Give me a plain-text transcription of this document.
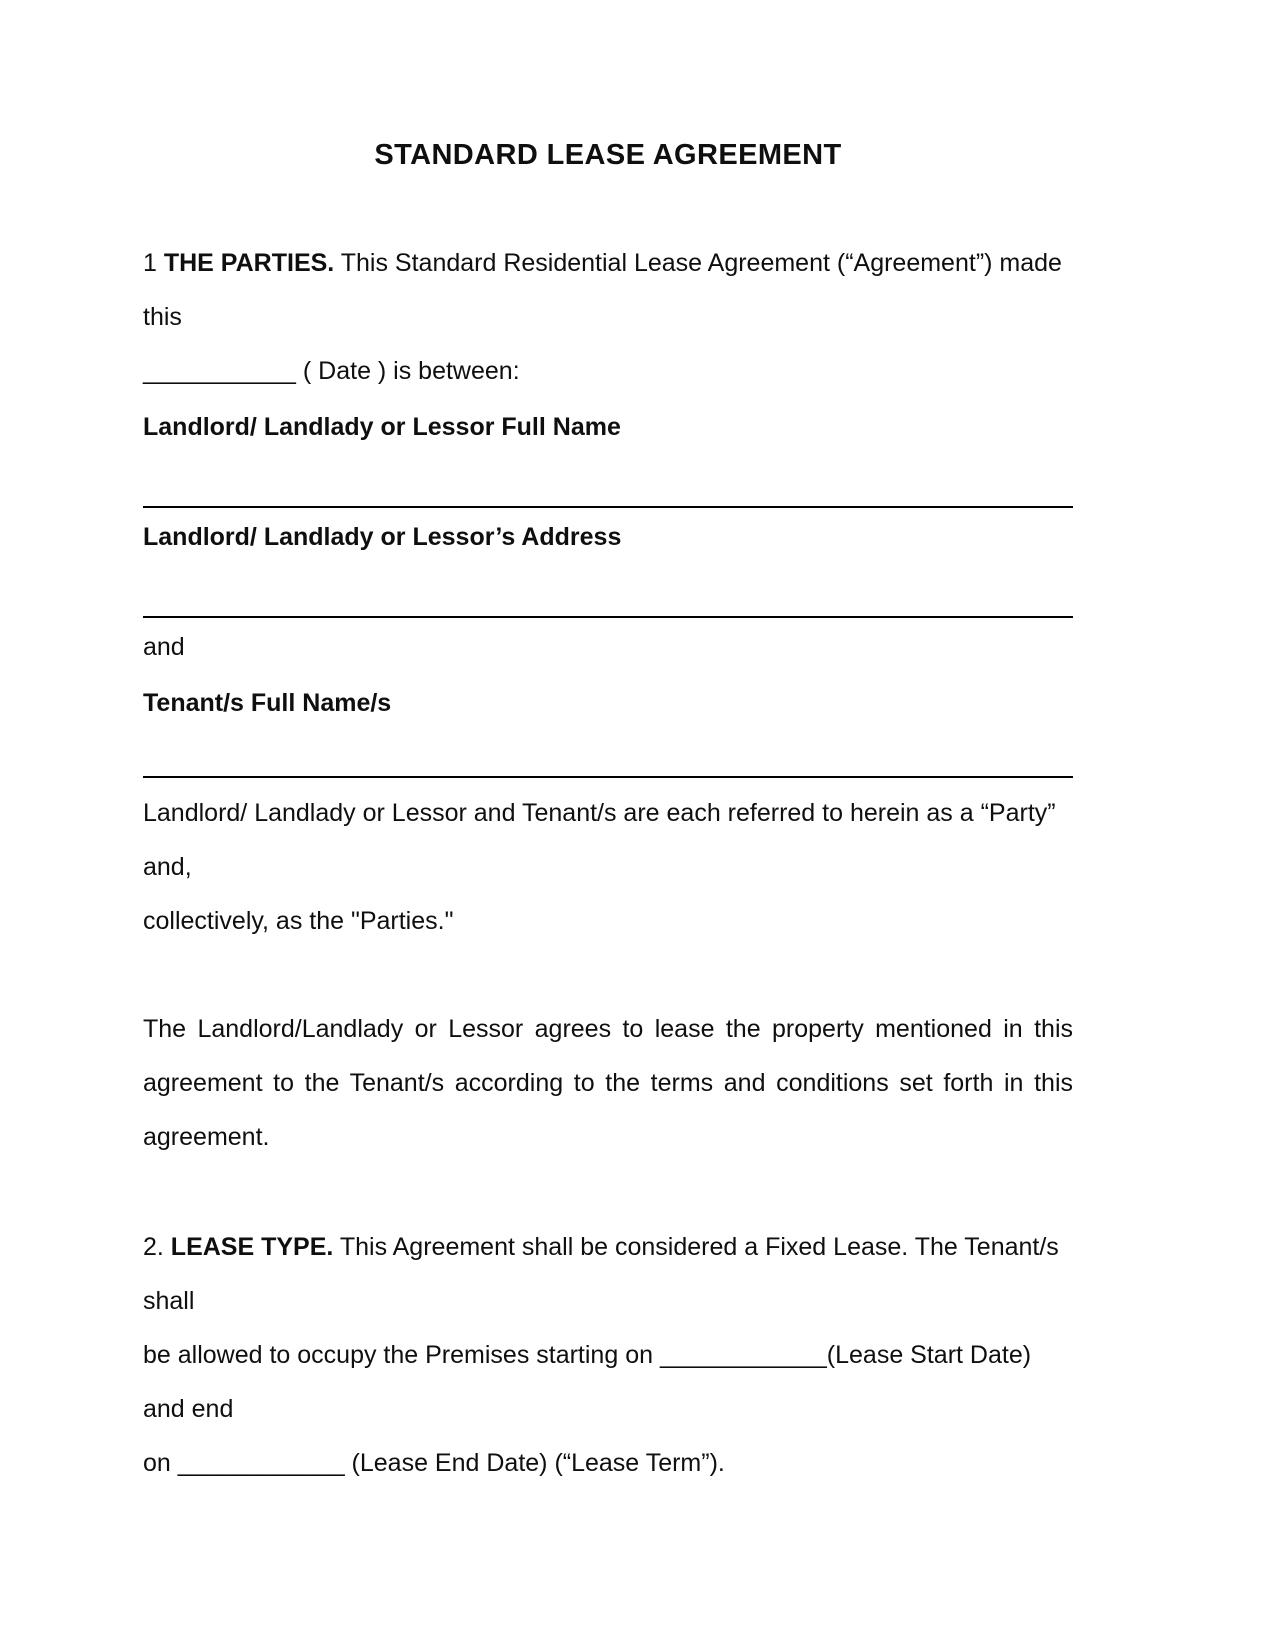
STANDARD LEASE AGREEMENT

1 THE PARTIES. This Standard Residential Lease Agreement (“Agreement”) made this
___________ ( Date ) is between:

Landlord/ Landlady or Lessor Full Name
Landlord/ Landlady or Lessor’s Address
and
Tenant/s Full Name/s

Landlord/ Landlady or Lessor and Tenant/s are each referred to herein as a “Party” and,
collectively, as the "Parties."

The Landlord/Landlady or Lessor agrees to lease the property mentioned in this
agreement to the Tenant/s according to the terms and conditions set forth in this
agreement.

2. LEASE TYPE. This Agreement shall be considered a Fixed Lease. The Tenant/s shall
be allowed to occupy the Premises starting on ____________(Lease Start Date) and end
on ____________ (Lease End Date) (“Lease Term”).
